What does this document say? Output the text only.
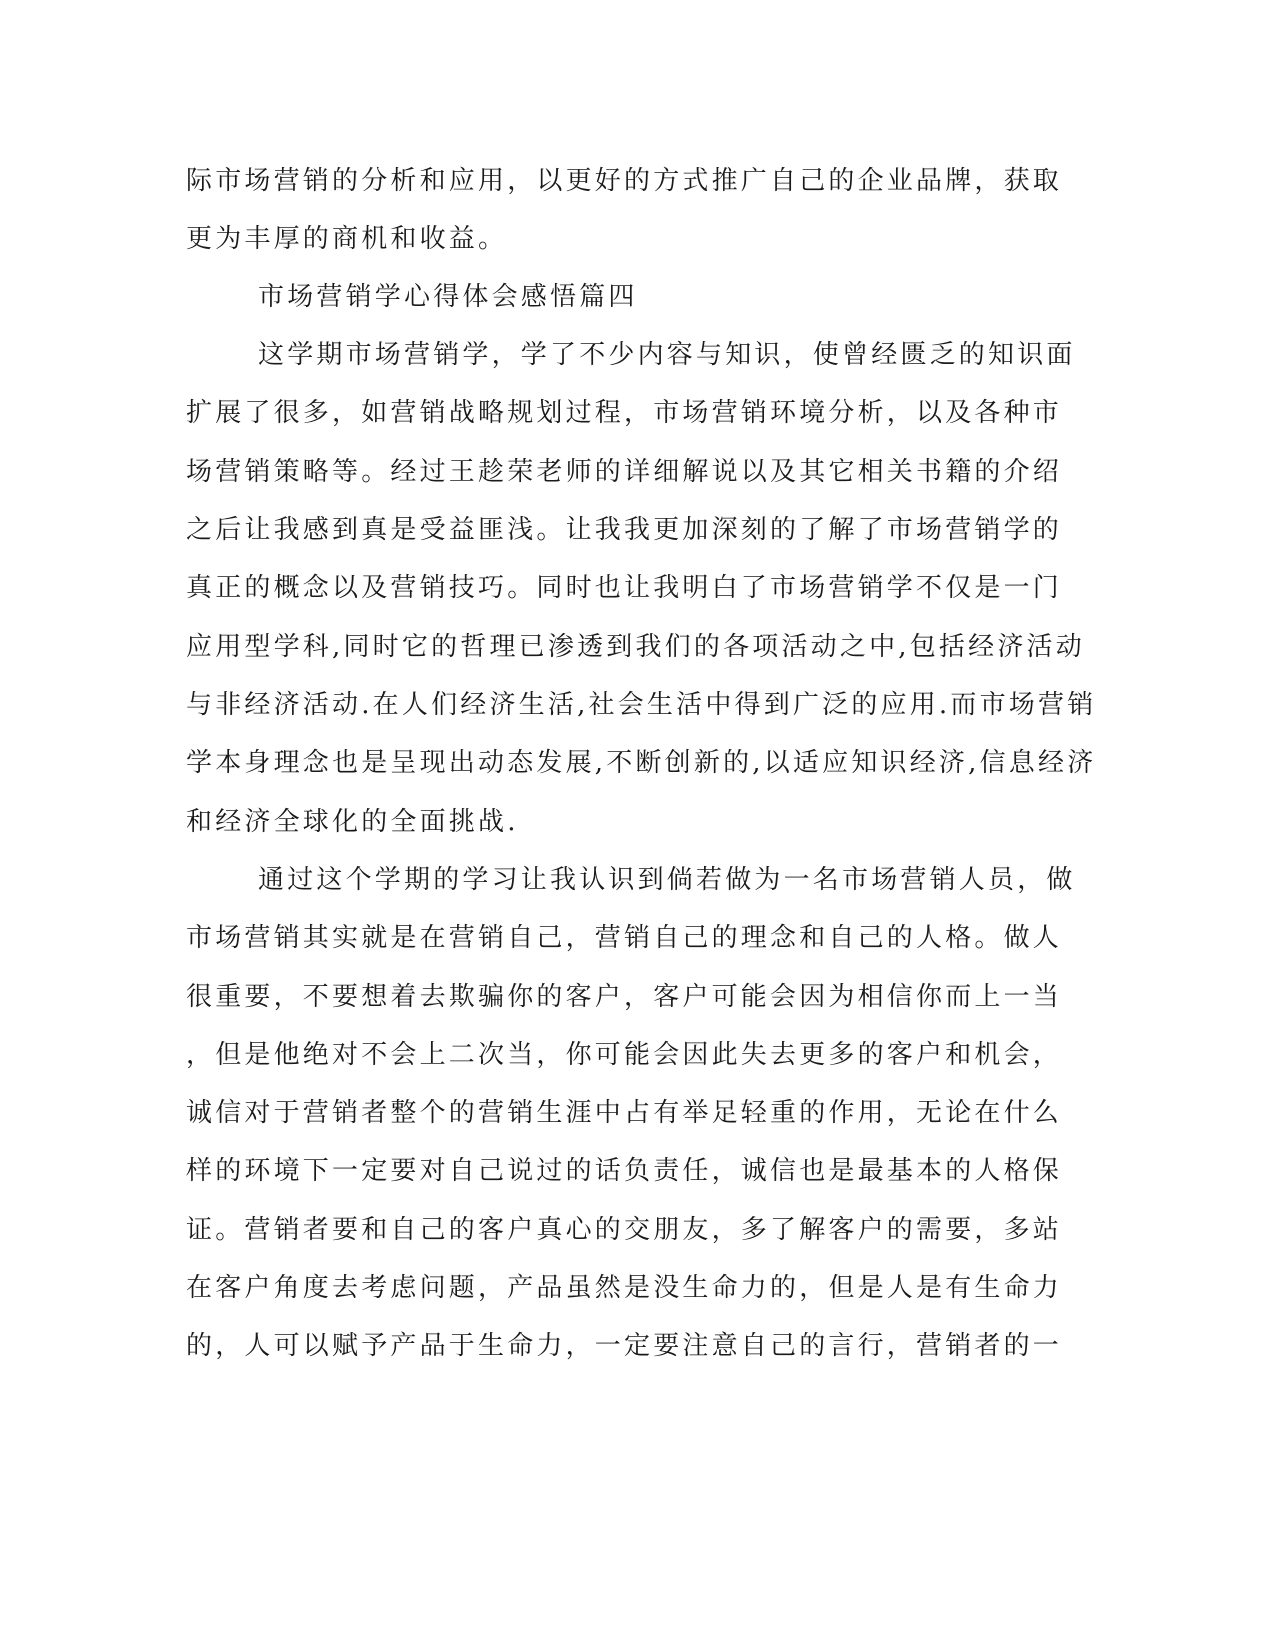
际市场营销的分析和应用，以更好的方式推广自己的企业品牌，获取
更为丰厚的商机和收益。
市场营销学心得体会感悟篇四
这学期市场营销学，学了不少内容与知识，使曾经匮乏的知识面
扩展了很多，如营销战略规划过程，市场营销环境分析，以及各种市
场营销策略等。经过王趁荣老师的详细解说以及其它相关书籍的介绍
之后让我感到真是受益匪浅。让我我更加深刻的了解了市场营销学的
真正的概念以及营销技巧。同时也让我明白了市场营销学不仅是一门
应用型学科,同时它的哲理已渗透到我们的各项活动之中,包括经济活动
与非经济活动.在人们经济生活,社会生活中得到广泛的应用.而市场营销
学本身理念也是呈现出动态发展,不断创新的,以适应知识经济,信息经济
和经济全球化的全面挑战.
通过这个学期的学习让我认识到倘若做为一名市场营销人员，做
市场营销其实就是在营销自己，营销自己的理念和自己的人格。做人
很重要，不要想着去欺骗你的客户，客户可能会因为相信你而上一当
，但是他绝对不会上二次当，你可能会因此失去更多的客户和机会，
诚信对于营销者整个的营销生涯中占有举足轻重的作用，无论在什么
样的环境下一定要对自己说过的话负责任，诚信也是最基本的人格保
证。营销者要和自己的客户真心的交朋友，多了解客户的需要，多站
在客户角度去考虑问题，产品虽然是没生命力的，但是人是有生命力
的，人可以赋予产品于生命力，一定要注意自己的言行，营销者的一
